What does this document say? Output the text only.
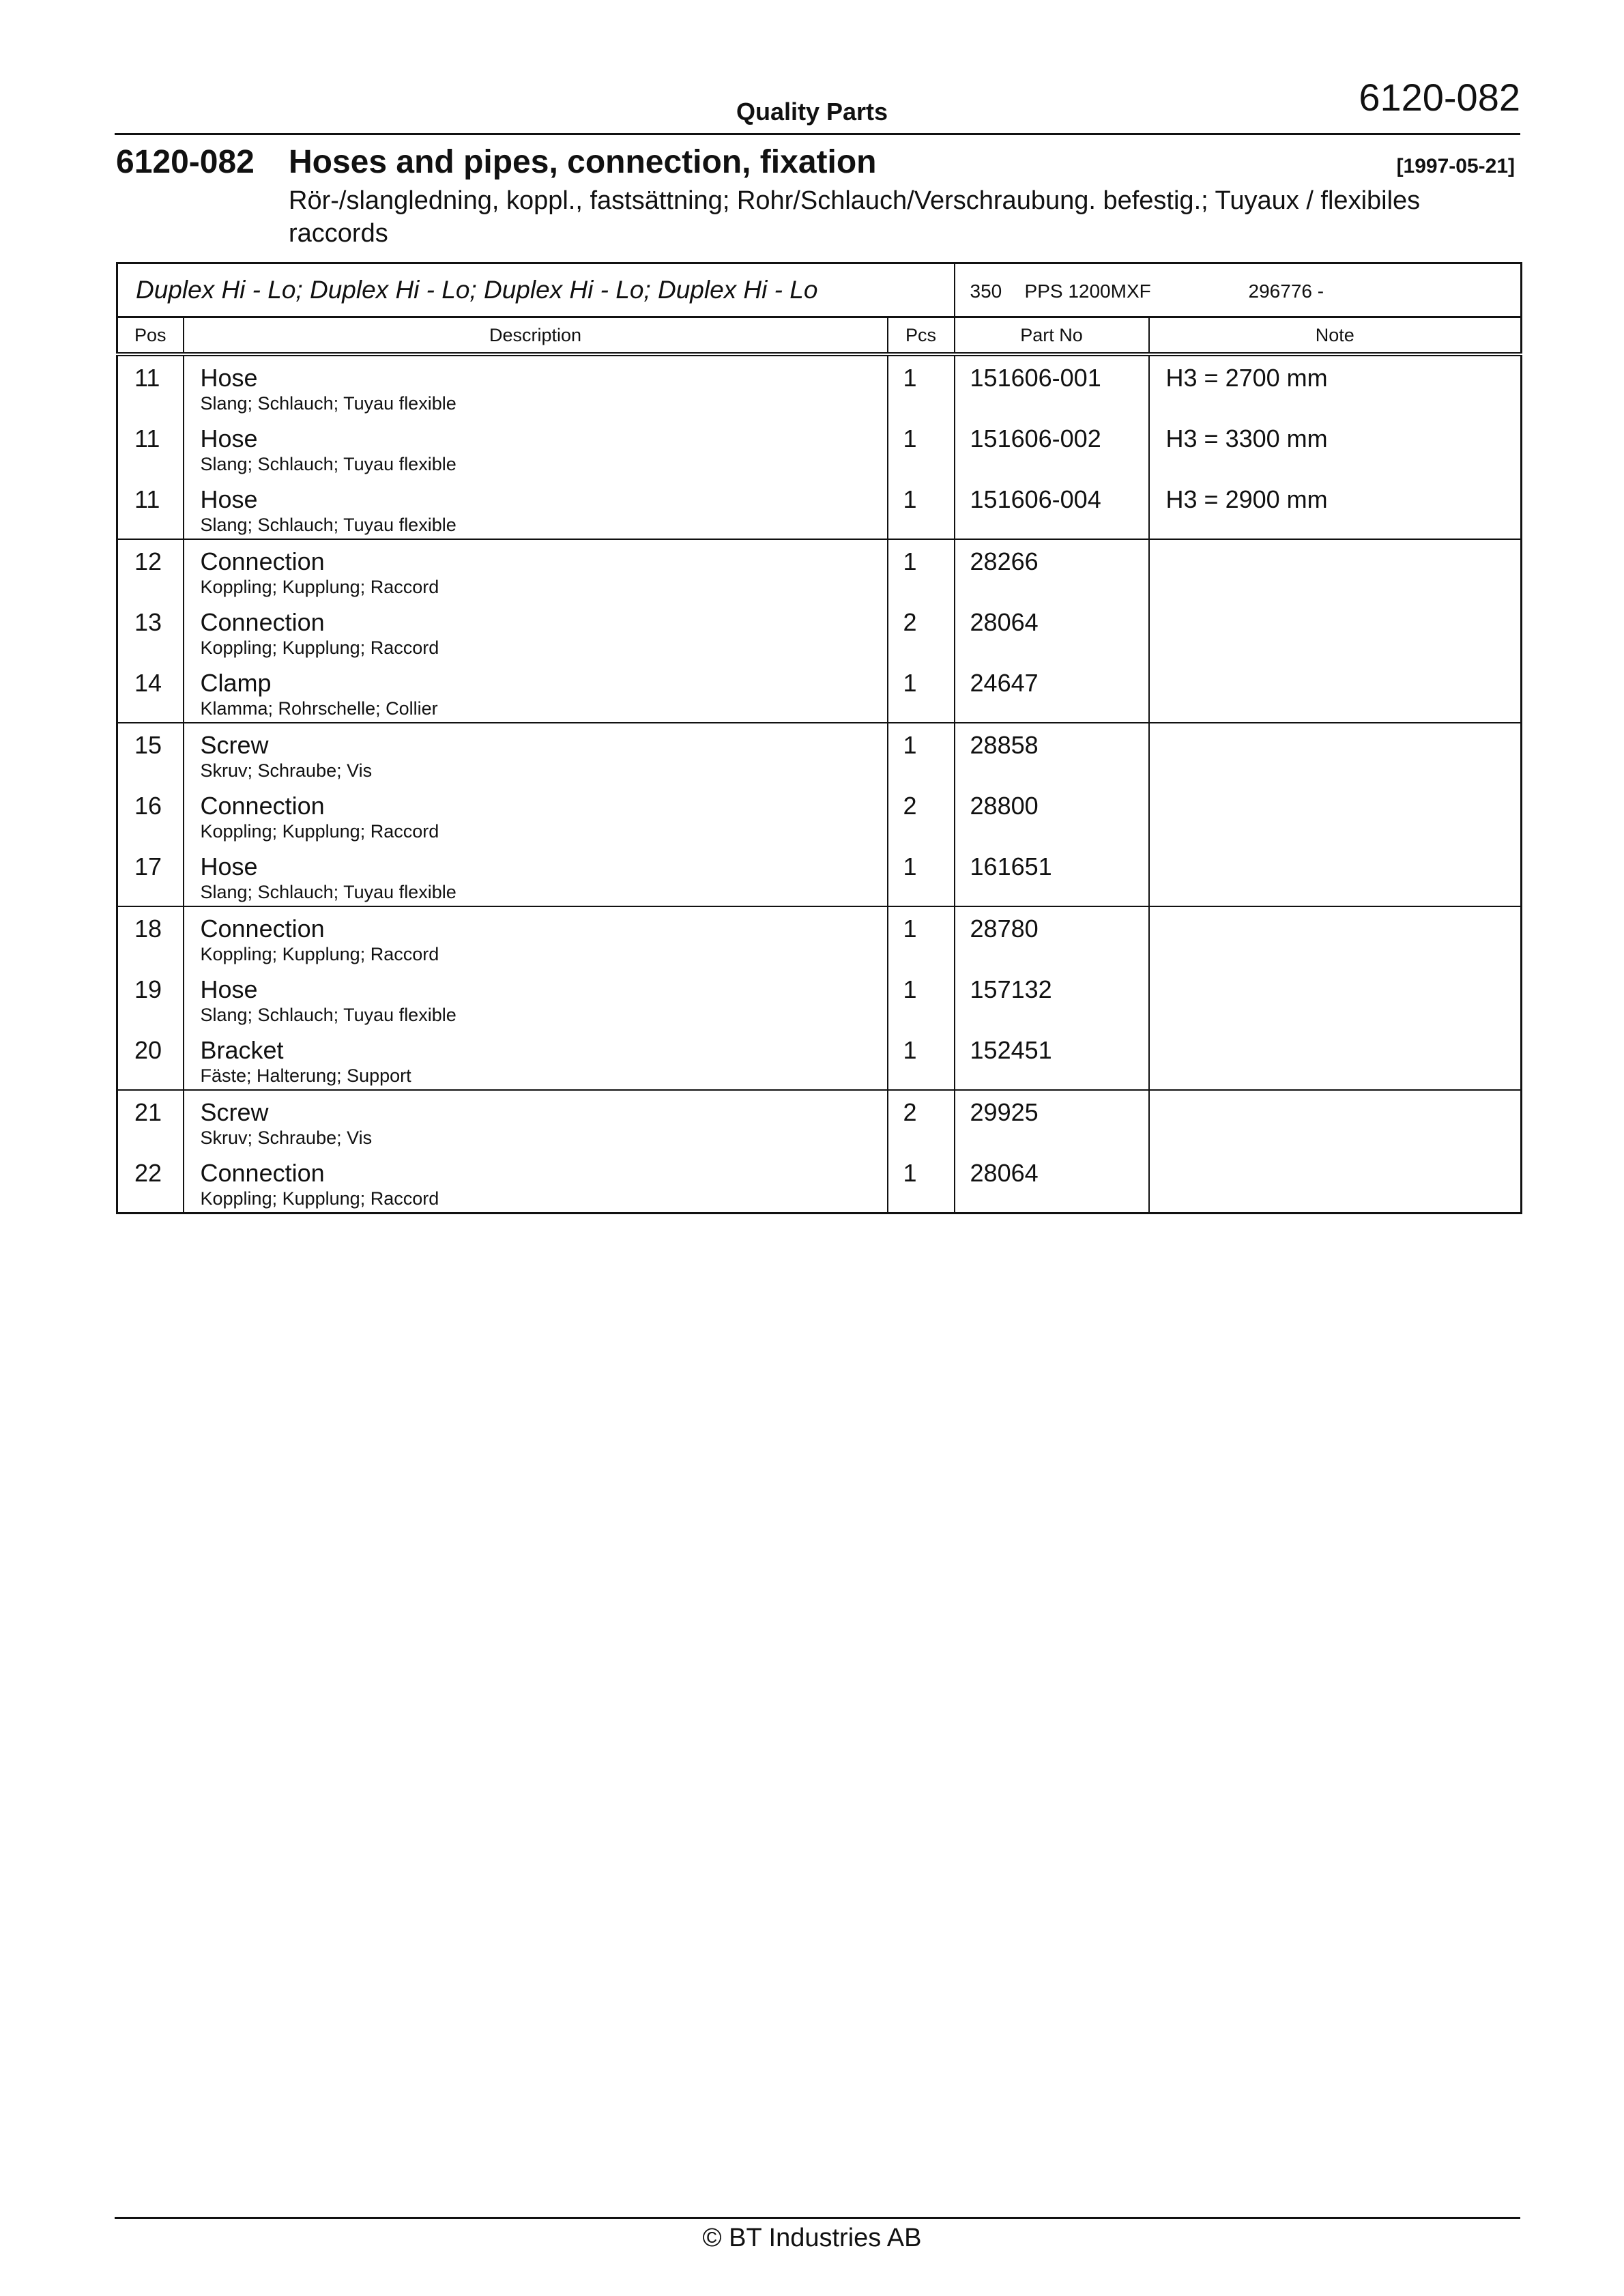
Quality Parts	6120-082
6120-082 Hoses and pipes, connection, fixation	[1997-05-21]
Rör-/slangledning, koppl., fastsättning; Rohr/Schlauch/Verschraubung. befestig.; Tuyaux / flexibiles raccords
Duplex Hi - Lo; Duplex Hi - Lo; Duplex Hi - Lo; Duplex Hi - Lo			350 PPS 1200MXF 296776 -	

Pos	Description	Pcs	Part No	Note
11	Hose
Slang; Schlauch; Tuyau flexible	1	151606-001	H3 = 2700 mm
11	Hose
Slang; Schlauch; Tuyau flexible	1	151606-002	H3 = 3300 mm
11	Hose
Slang; Schlauch; Tuyau flexible	1	151606-004	H3 = 2900 mm
12	Connection
Koppling; Kupplung; Raccord	1	28266	
13	Connection
Koppling; Kupplung; Raccord	2	28064	
14	Clamp
Klamma; Rohrschelle; Collier	1	24647	
15	Screw
Skruv; Schraube; Vis	1	28858	
16	Connection
Koppling; Kupplung; Raccord	2	28800	
17	Hose
Slang; Schlauch; Tuyau flexible	1	161651	
18	Connection
Koppling; Kupplung; Raccord	1	28780	
19	Hose
Slang; Schlauch; Tuyau flexible	1	157132	
20	Bracket
Fäste; Halterung; Support	1	152451	
21	Screw
Skruv; Schraube; Vis	2	29925	
22	Connection
Koppling; Kupplung; Raccord	1	28064	
© BT Industries AB
